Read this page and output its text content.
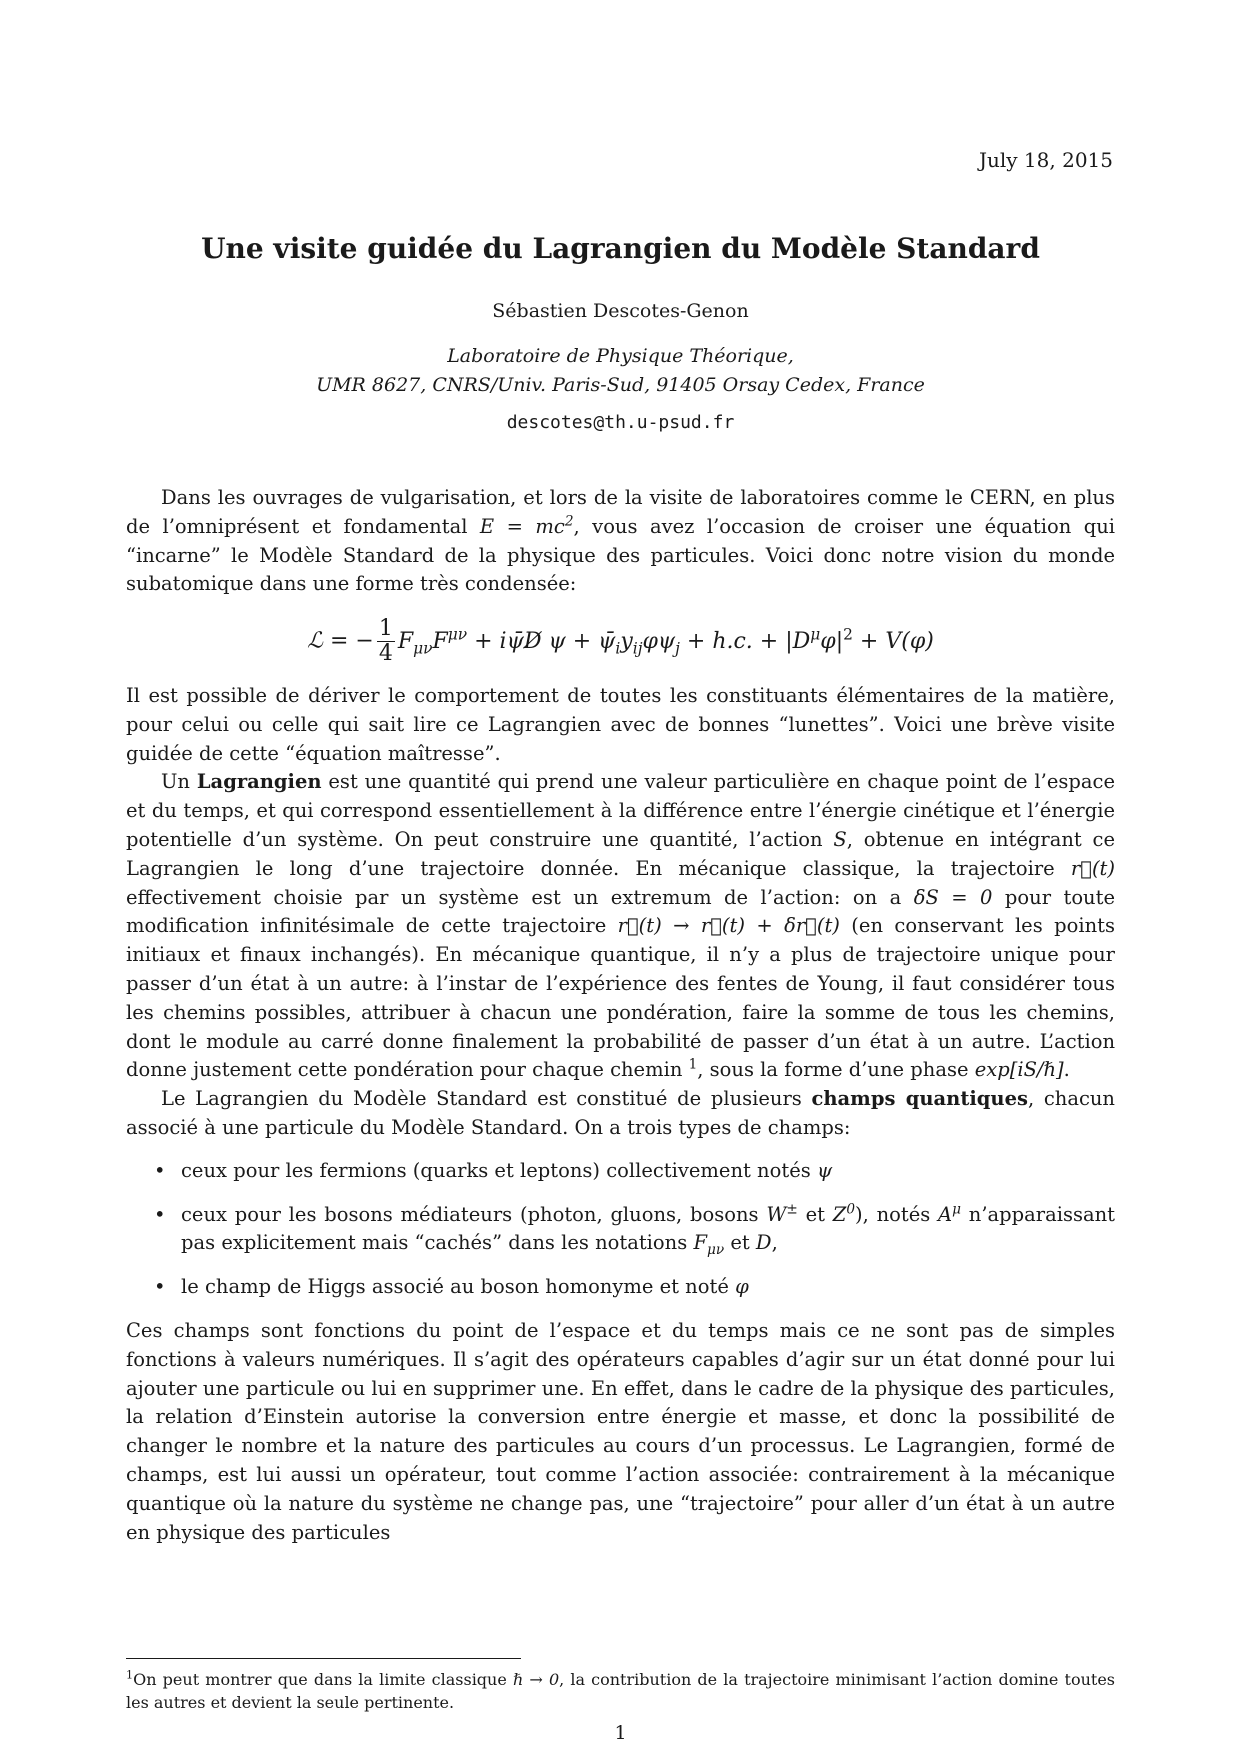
July 18, 2015
Une visite guidée du Lagrangien du Modèle Standard
Sébastien Descotes-Genon
Laboratoire de Physique Théorique,
UMR 8627, CNRS/Univ. Paris-Sud, 91405 Orsay Cedex, France
descotes@th.u-psud.fr

Dans les ouvrages de vulgarisation, et lors de la visite de laboratoires comme le CERN, en plus de l’omniprésent et fondamental $E = mc^2$, vous avez l’occasion de croiser une équation qui “incarne” le Modèle Standard de la physique des particules. Voici donc notre vision du monde subatomique dans une forme très condensée:

ℒ = − $\frac{1}{4} F_{\mu\nu}F^{\mu\nu}$ + iψ̄D̸ $\psi + \psī_iy_{ij}\varphi\psi_j + h.c$. + $|D^\mu\varphi|^2 + V(\varphi)$

Il est possible de dériver le comportement de toutes les constituants élémentaires de la matière, pour celui ou celle qui sait lire ce Lagrangien avec de bonnes “lunettes”. Voici une brève visite guidée de cette “équation maîtresse”.

Un Lagrangien est une quantité qui prend une valeur particulière en chaque point de l’espace et du temps, et qui correspond essentiellement à la différence entre l’énergie cinétique et l’énergie potentielle d’un système. On peut construire une quantité, l’action S, obtenue en intégrant ce Lagrangien le long d’une trajectoire donnée. En mécanique classique, la trajectoire r⃗(t) effectivement choisie par un système est un extremum de l’action: on a δS = 0 pour toute modification infinitésimale de cette trajectoire r⃗(t) → r⃗(t) + δr⃗(t) (en conservant les points initiaux et finaux inchangés). En mécanique quantique, il n’y a plus de trajectoire unique pour passer d’un état à un autre: à l’instar de l’expérience des fentes de Young, il faut considérer tous les chemins possibles, attribuer à chacun une pondération, faire la somme de tous les chemins, dont le module au carré donne finalement la probabilité de passer d’un état à un autre. L’action donne justement cette pondération pour chaque chemin $^1$, sous la forme d’une phase exp[iS/ℏ].

Le Lagrangien du Modèle Standard est constitué de plusieurs champs quantiques, chacun associé à une particule du Modèle Standard. On a trois types de champs:

• ceux pour les fermions (quarks et leptons) collectivement notés ψ
• ceux pour les bosons médiateurs (photon, gluons, bosons W± et $Z^0$), notés $A^\mu$ n’apparaissant pas explicitement mais “cachés” dans les notations $F_{\mu\nu}$ et D,
• le champ de Higgs associé au boson homonyme et noté φ

Ces champs sont fonctions du point de l’espace et du temps mais ce ne sont pas de simples fonctions à valeurs numériques. Il s’agit des opérateurs capables d’agir sur un état donné pour lui ajouter une particule ou lui en supprimer une. En effet, dans le cadre de la physique des particules, la relation d’Einstein autorise la conversion entre énergie et masse, et donc la possibilité de changer le nombre et la nature des particules au cours d’un processus. Le Lagrangien, formé de champs, est lui aussi un opérateur, tout comme l’action associée: contrairement à la mécanique quantique où la nature du système ne change pas, une “trajectoire” pour aller d’un état à un autre en physique des particules

$^1$On peut montrer que dans la limite classique ℏ → 0, la contribution de la trajectoire minimisant l’action domine toutes les autres et devient la seule pertinente.
1
